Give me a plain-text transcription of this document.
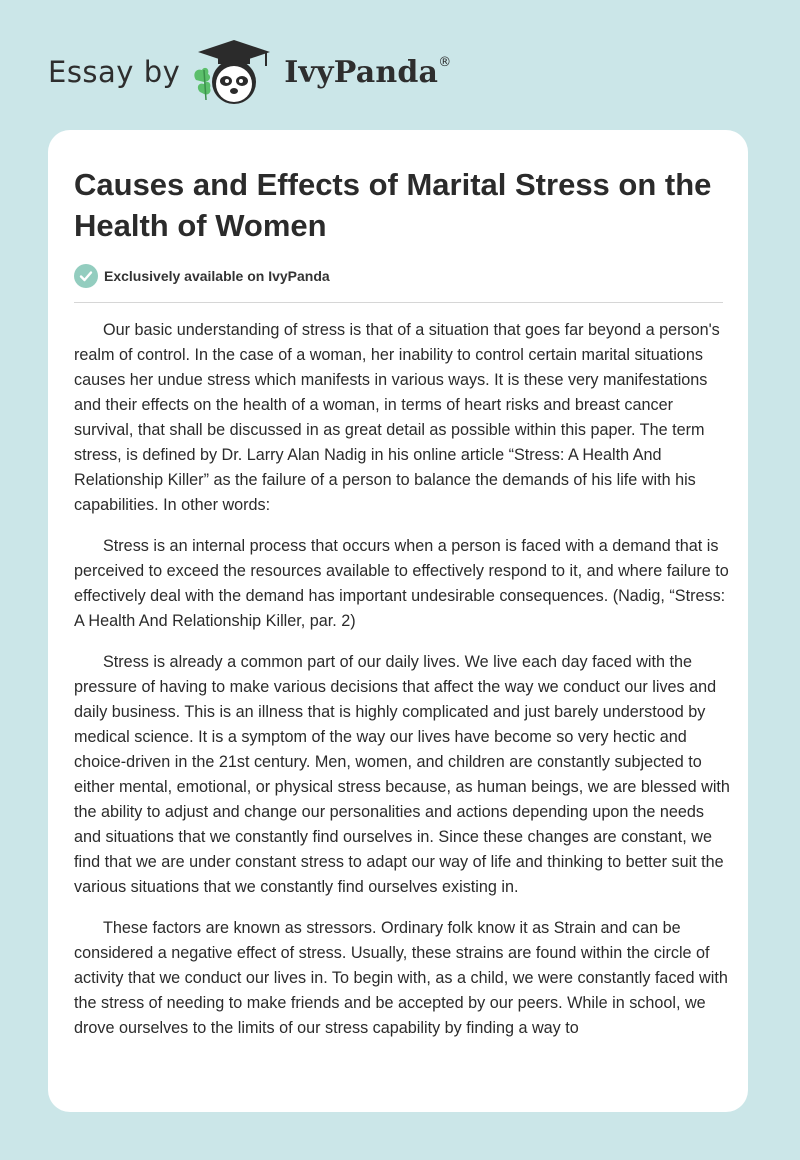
Essay by	IvyPanda®
Causes and Effects of Marital Stress on the Health of Women
Exclusively available on IvyPanda

Our basic understanding of stress is that of a situation that goes far beyond a person's realm of control. In the case of a woman, her inability to control certain marital situations causes her undue stress which manifests in various ways. It is these very manifestations and their effects on the health of a woman, in terms of heart risks and breast cancer survival, that shall be discussed in as great detail as possible within this paper. The term stress, is defined by Dr. Larry Alan Nadig in his online article “Stress: A Health And Relationship Killer” as the failure of a person to balance the demands of his life with his capabilities. In other words:

Stress is an internal process that occurs when a person is faced with a demand that is perceived to exceed the resources available to effectively respond to it, and where failure to effectively deal with the demand has important undesirable consequences. (Nadig, “Stress: A Health And Relationship Killer, par. 2)

Stress is already a common part of our daily lives. We live each day faced with the pressure of having to make various decisions that affect the way we conduct our lives and daily business. This is an illness that is highly complicated and just barely understood by medical science. It is a symptom of the way our lives have become so very hectic and choice-driven in the 21st century. Men, women, and children are constantly subjected to either mental, emotional, or physical stress because, as human beings, we are blessed with the ability to adjust and change our personalities and actions depending upon the needs and situations that we constantly find ourselves in. Since these changes are constant, we find that we are under constant stress to adapt our way of life and thinking to better suit the various situations that we constantly find ourselves existing in.

These factors are known as stressors. Ordinary folk know it as Strain and can be considered a negative effect of stress. Usually, these strains are found within the circle of activity that we conduct our lives in. To begin with, as a child, we were constantly faced with the stress of needing to make friends and be accepted by our peers. While in school, we drove ourselves to the limits of our stress capability by finding a way to
